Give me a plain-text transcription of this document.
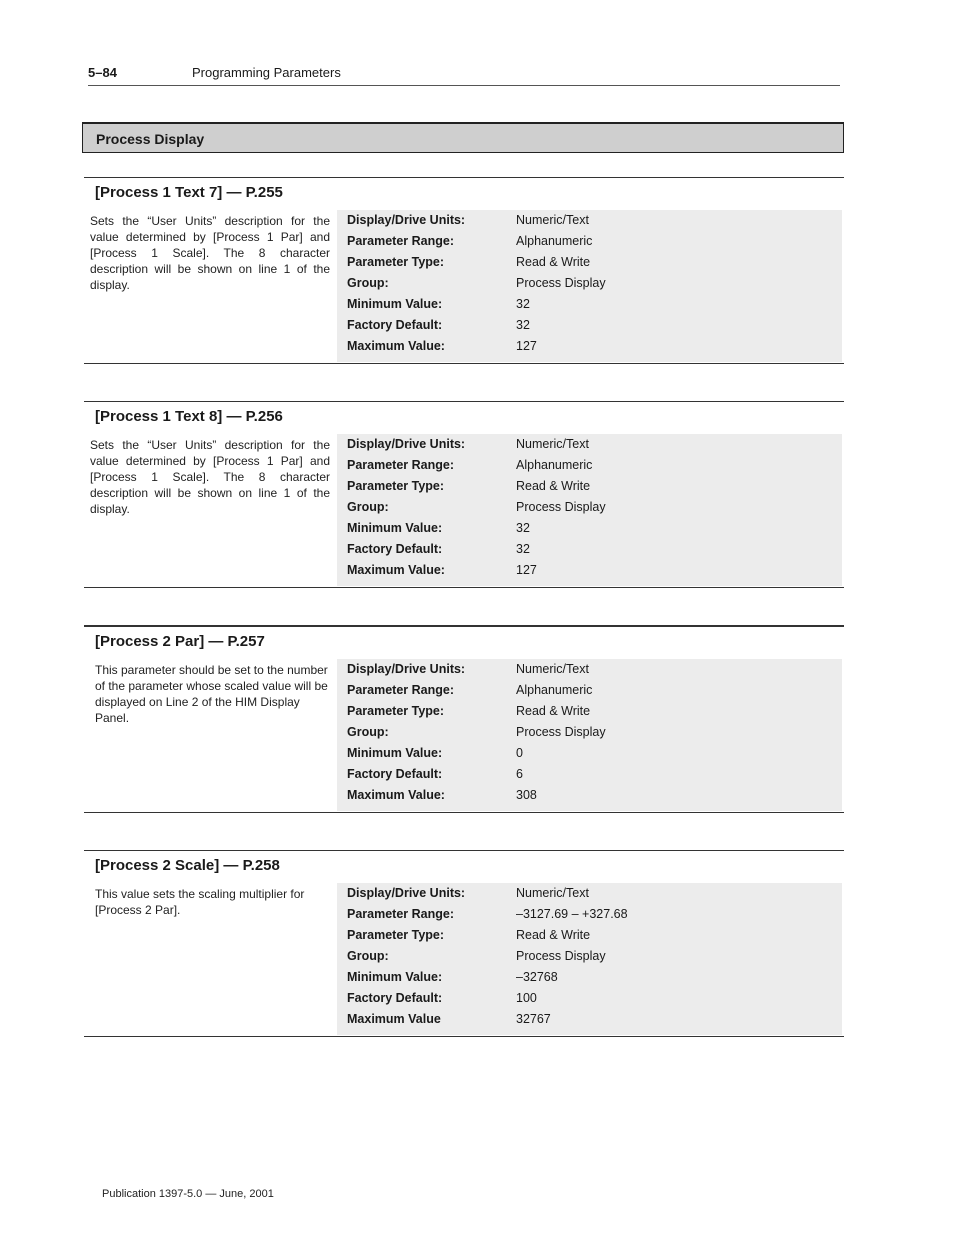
5–84	Programming Parameters
Process Display
[Process 1 Text 7] — P.255
Sets the “User Units” description for the value determined by [Process 1 Par] and [Process 1 Scale]. The 8 character description will be shown on line 1 of the display.
Display/Drive Units:	Numeric/Text
Parameter Range:	Alphanumeric
Parameter Type:	Read & Write
Group:	Process Display
Minimum Value:	32
Factory Default:	32
Maximum Value:	127
[Process 1 Text 8] — P.256
Sets the “User Units” description for the value determined by [Process 1 Par] and [Process 1 Scale]. The 8 character description will be shown on line 1 of the display.
Display/Drive Units:	Numeric/Text
Parameter Range:	Alphanumeric
Parameter Type:	Read & Write
Group:	Process Display
Minimum Value:	32
Factory Default:	32
Maximum Value:	127
[Process 2 Par] — P.257
This parameter should be set to the number of the parameter whose scaled value will be displayed on Line 2 of the HIM Display Panel.
Display/Drive Units:	Numeric/Text
Parameter Range:	Alphanumeric
Parameter Type:	Read & Write
Group:	Process Display
Minimum Value:	0
Factory Default:	6
Maximum Value:	308
[Process 2 Scale] — P.258
This value sets the scaling multiplier for [Process 2 Par].
Display/Drive Units:	Numeric/Text
Parameter Range:	–3127.69 – +327.68
Parameter Type:	Read & Write
Group:	Process Display
Minimum Value:	–32768
Factory Default:	100
Maximum Value	32767
Publication 1397-5.0 — June, 2001
